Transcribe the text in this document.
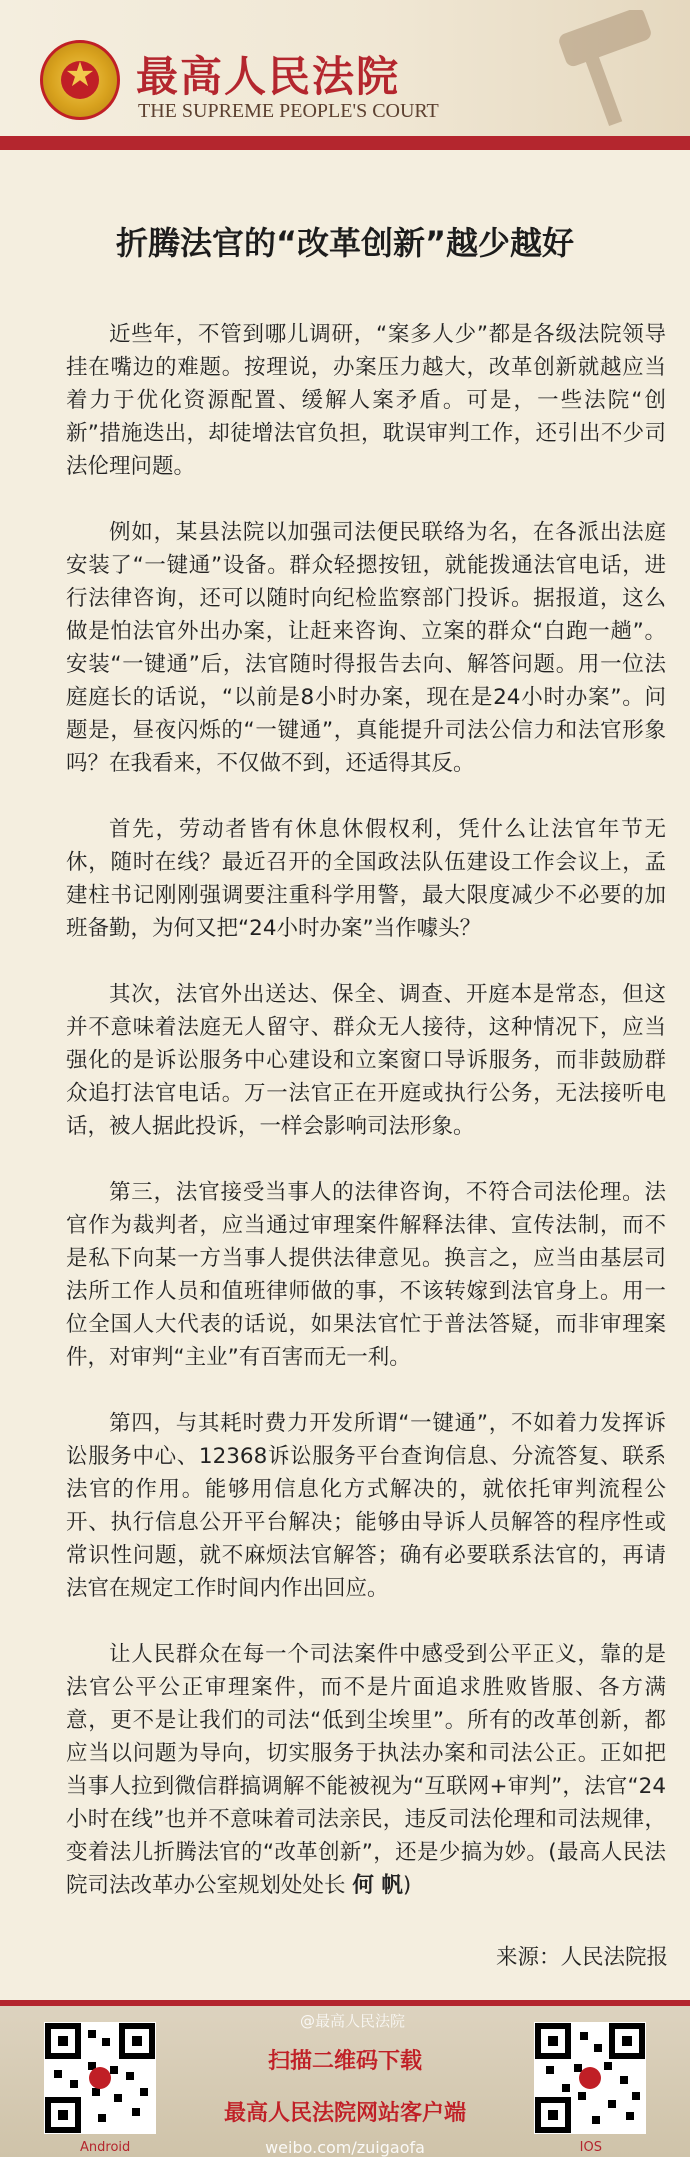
★ 最高人民法院
THE SUPREME PEOPLE'S COURT
折腾法官的“改革创新”越少越好

近些年，不管到哪儿调研，“案多人少”都是各级法院领导挂在嘴边的难题。按理说，办案压力越大，改革创新就越应当着力于优化资源配置、缓解人案矛盾。可是，一些法院“创新”措施迭出，却徒增法官负担，耽误审判工作，还引出不少司法伦理问题。

例如，某县法院以加强司法便民联络为名，在各派出法庭安装了“一键通”设备。群众轻摁按钮，就能拨通法官电话，进行法律咨询，还可以随时向纪检监察部门投诉。据报道，这么做是怕法官外出办案，让赶来咨询、立案的群众“白跑一趟”。安装“一键通”后，法官随时得报告去向、解答问题。用一位法庭庭长的话说，“以前是8小时办案，现在是24小时办案”。问题是，昼夜闪烁的“一键通”，真能提升司法公信力和法官形象吗？在我看来，不仅做不到，还适得其反。

首先，劳动者皆有休息休假权利，凭什么让法官年节无休，随时在线？最近召开的全国政法队伍建设工作会议上，孟建柱书记刚刚强调要注重科学用警，最大限度减少不必要的加班备勤，为何又把“24小时办案”当作噱头？

其次，法官外出送达、保全、调查、开庭本是常态，但这并不意味着法庭无人留守、群众无人接待，这种情况下，应当强化的是诉讼服务中心建设和立案窗口导诉服务，而非鼓励群众追打法官电话。万一法官正在开庭或执行公务，无法接听电话，被人据此投诉，一样会影响司法形象。

第三，法官接受当事人的法律咨询，不符合司法伦理。法官作为裁判者，应当通过审理案件解释法律、宣传法制，而不是私下向某一方当事人提供法律意见。换言之，应当由基层司法所工作人员和值班律师做的事，不该转嫁到法官身上。用一位全国人大代表的话说，如果法官忙于普法答疑，而非审理案件，对审判“主业”有百害而无一利。

第四，与其耗时费力开发所谓“一键通”，不如着力发挥诉讼服务中心、12368诉讼服务平台查询信息、分流答复、联系法官的作用。能够用信息化方式解决的，就依托审判流程公开、执行信息公开平台解决；能够由导诉人员解答的程序性或常识性问题，就不麻烦法官解答；确有必要联系法官的，再请法官在规定工作时间内作出回应。

让人民群众在每一个司法案件中感受到公平正义，靠的是法官公平公正审理案件，而不是片面追求胜败皆服、各方满意，更不是让我们的司法“低到尘埃里”。所有的改革创新，都应当以问题为导向，切实服务于执法办案和司法公正。正如把当事人拉到微信群搞调解不能被视为“互联网+审判”，法官“24小时在线”也并不意味着司法亲民，违反司法伦理和司法规律，变着法儿折腾法官的“改革创新”，还是少搞为妙。(最高人民法院司法改革办公室规划处处长 何 帆)

来源：人民法院报
Android
@最高人民法院
扫描二维码下载
最高人民法院网站客户端
weibo.com/zuigaofa	IOS
